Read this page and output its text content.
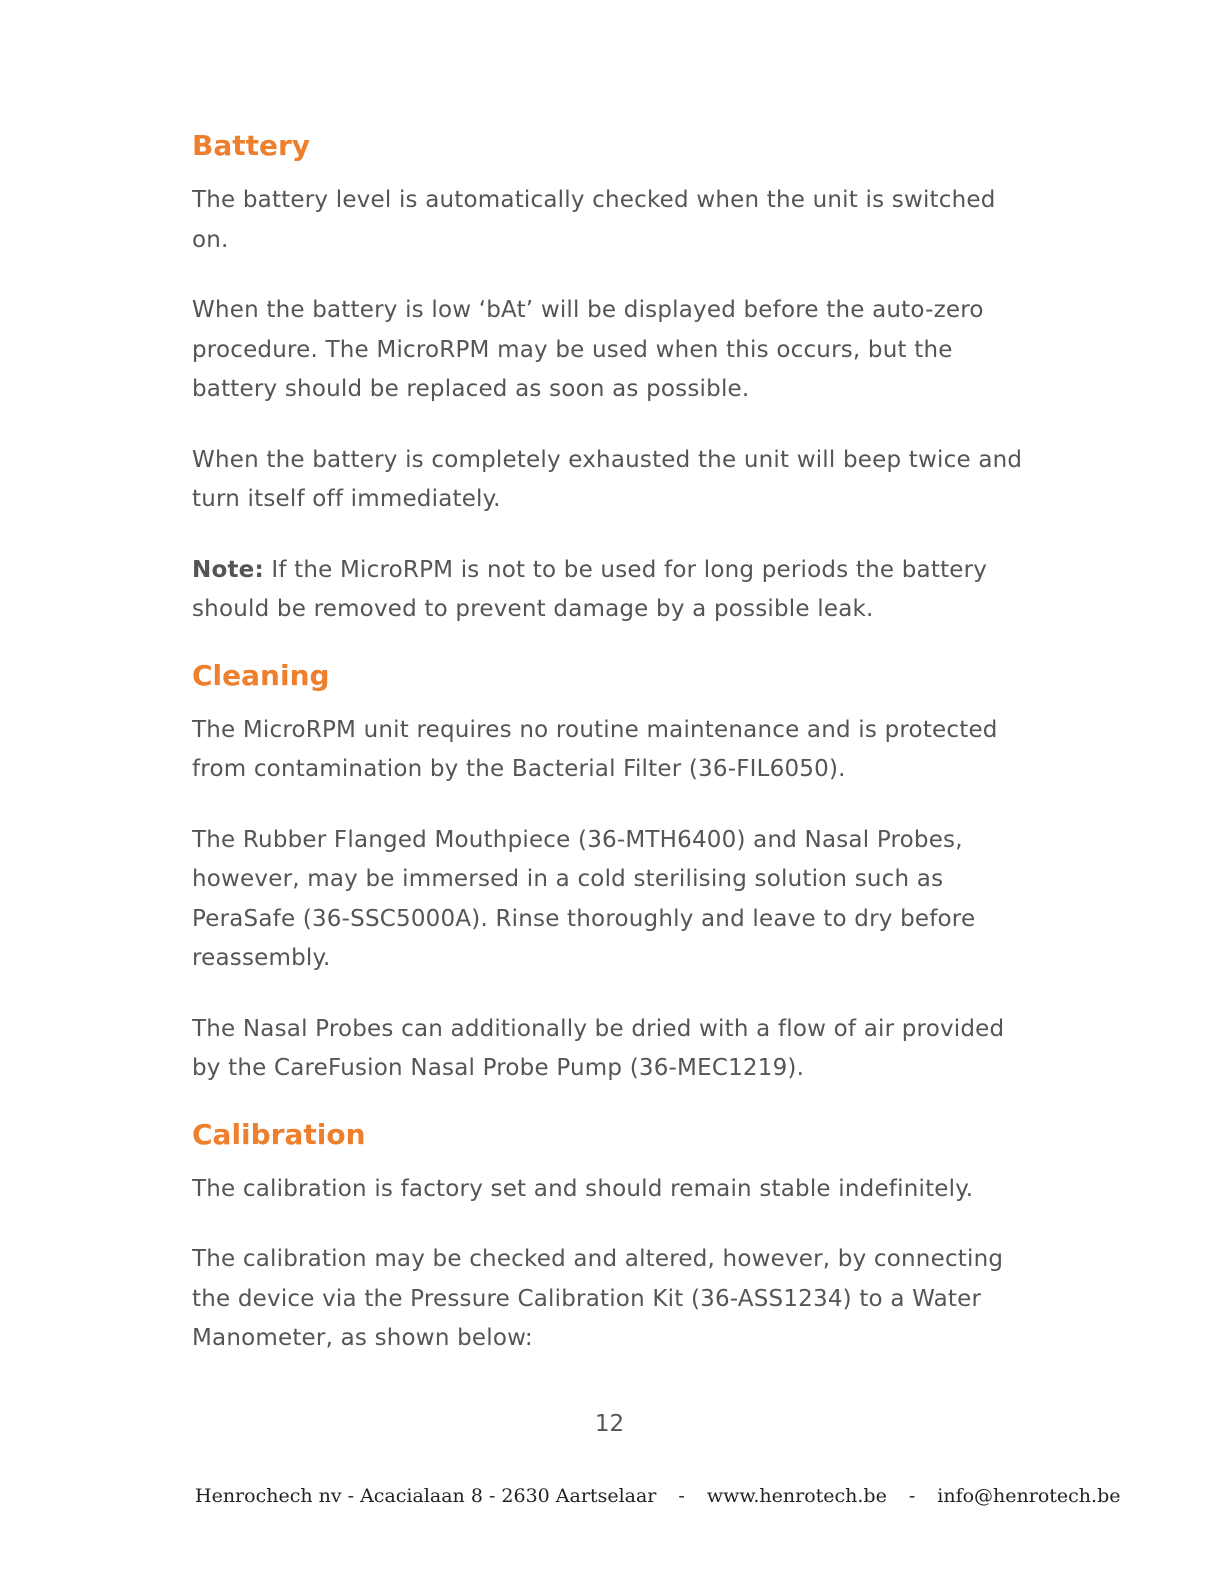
Battery

The battery level is automatically checked when the unit is switched on.

When the battery is low ‘bAt’ will be displayed before the auto-zero procedure. The MicroRPM may be used when this occurs, but the battery should be replaced as soon as possible.

When the battery is completely exhausted the unit will beep twice and turn itself off immediately.

Note: If the MicroRPM is not to be used for long periods the battery should be removed to prevent damage by a possible leak.

Cleaning

The MicroRPM unit requires no routine maintenance and is protected from contamination by the Bacterial Filter (36-FIL6050).

The Rubber Flanged Mouthpiece (36-MTH6400) and Nasal Probes, however, may be immersed in a cold sterilising solution such as PeraSafe (36-SSC5000A). Rinse thoroughly and leave to dry before reassembly.

The Nasal Probes can additionally be dried with a flow of air provided by the CareFusion Nasal Probe Pump (36-MEC1219).

Calibration

The calibration is factory set and should remain stable indefinitely.

The calibration may be checked and altered, however, by connecting the device via the Pressure Calibration Kit (36-ASS1234) to a Water Manometer, as shown below:

12
Henrochech nv - Acacialaan 8 - 2630 Aartselaar - www.henrotech.be - info@henrotech.be
